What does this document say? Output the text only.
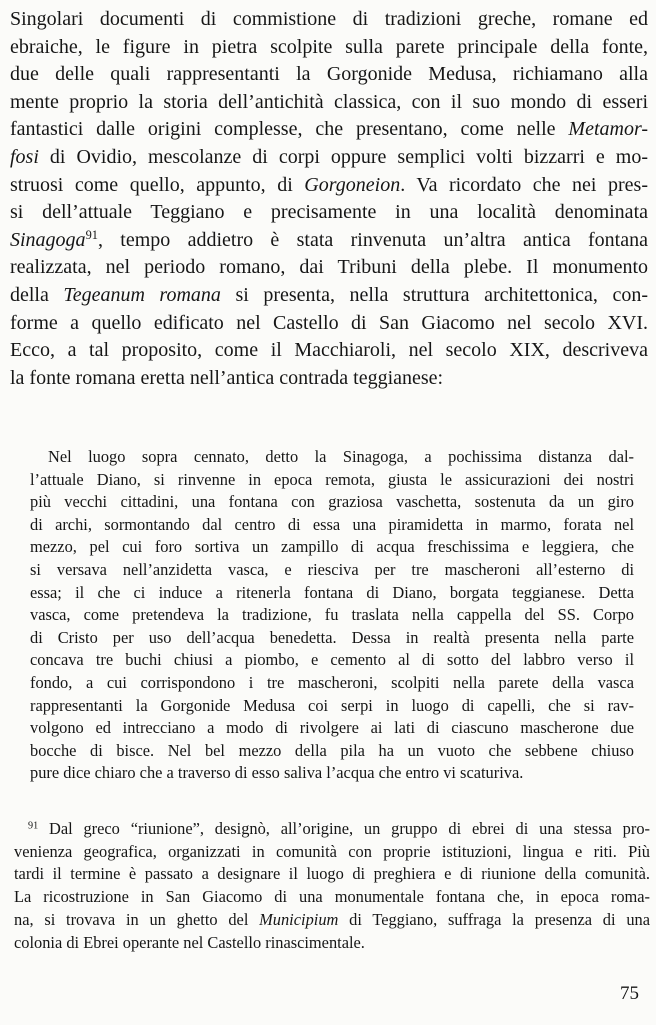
Singolari documenti di commistione di tradizioni greche, romane ed
ebraiche, le figure in pietra scolpite sulla parete principale della fonte,
due delle quali rappresentanti la Gorgonide Medusa, richiamano alla
mente proprio la storia dell’antichità classica, con il suo mondo di esseri
fantastici dalle origini complesse, che presentano, come nelle Metamor-
fosi di Ovidio, mescolanze di corpi oppure semplici volti bizzarri e mo-
struosi come quello, appunto, di Gorgoneion. Va ricordato che nei pres-
si dell’attuale Teggiano e precisamente in una località denominata
Sinagoga$^{91}$, tempo addietro è stata rinvenuta un’altra antica fontana
realizzata, nel periodo romano, dai Tribuni della plebe. Il monumento
della Tegeanum romana si presenta, nella struttura architettonica, con-
forme a quello edificato nel Castello di San Giacomo nel secolo XVI.
Ecco, a tal proposito, come il Macchiaroli, nel secolo XIX, descriveva
la fonte romana eretta nell’antica contrada teggianese:
Nel luogo sopra cennato, detto la Sinagoga, a pochissima distanza dal-
l’attuale Diano, si rinvenne in epoca remota, giusta le assicurazioni dei nostri
più vecchi cittadini, una fontana con graziosa vaschetta, sostenuta da un giro
di archi, sormontando dal centro di essa una piramidetta in marmo, forata nel
mezzo, pel cui foro sortiva un zampillo di acqua freschissima e leggiera, che
si versava nell’anzidetta vasca, e riesciva per tre mascheroni all’esterno di
essa; il che ci induce a ritenerla fontana di Diano, borgata teggianese. Detta
vasca, come pretendeva la tradizione, fu traslata nella cappella del SS. Corpo
di Cristo per uso dell’acqua benedetta. Dessa in realtà presenta nella parte
concava tre buchi chiusi a piombo, e cemento al di sotto del labbro verso il
fondo, a cui corrispondono i tre mascheroni, scolpiti nella parete della vasca
rappresentanti la Gorgonide Medusa coi serpi in luogo di capelli, che si rav-
volgono ed intrecciano a modo di rivolgere ai lati di ciascuno mascherone due
bocche di bisce. Nel bel mezzo della pila ha un vuoto che sebbene chiuso
pure dice chiaro che a traverso di esso saliva l’acqua che entro vi scaturiva.
$^{91}$ Dal greco “riunione”, designò, all’origine, un gruppo di ebrei di una stessa pro-
venienza geografica, organizzati in comunità con proprie istituzioni, lingua e riti. Più
tardi il termine è passato a designare il luogo di preghiera e di riunione della comunità.
La ricostruzione in San Giacomo di una monumentale fontana che, in epoca roma-
na, si trovava in un ghetto del Municipium di Teggiano, suffraga la presenza di una
colonia di Ebrei operante nel Castello rinascimentale.
75
